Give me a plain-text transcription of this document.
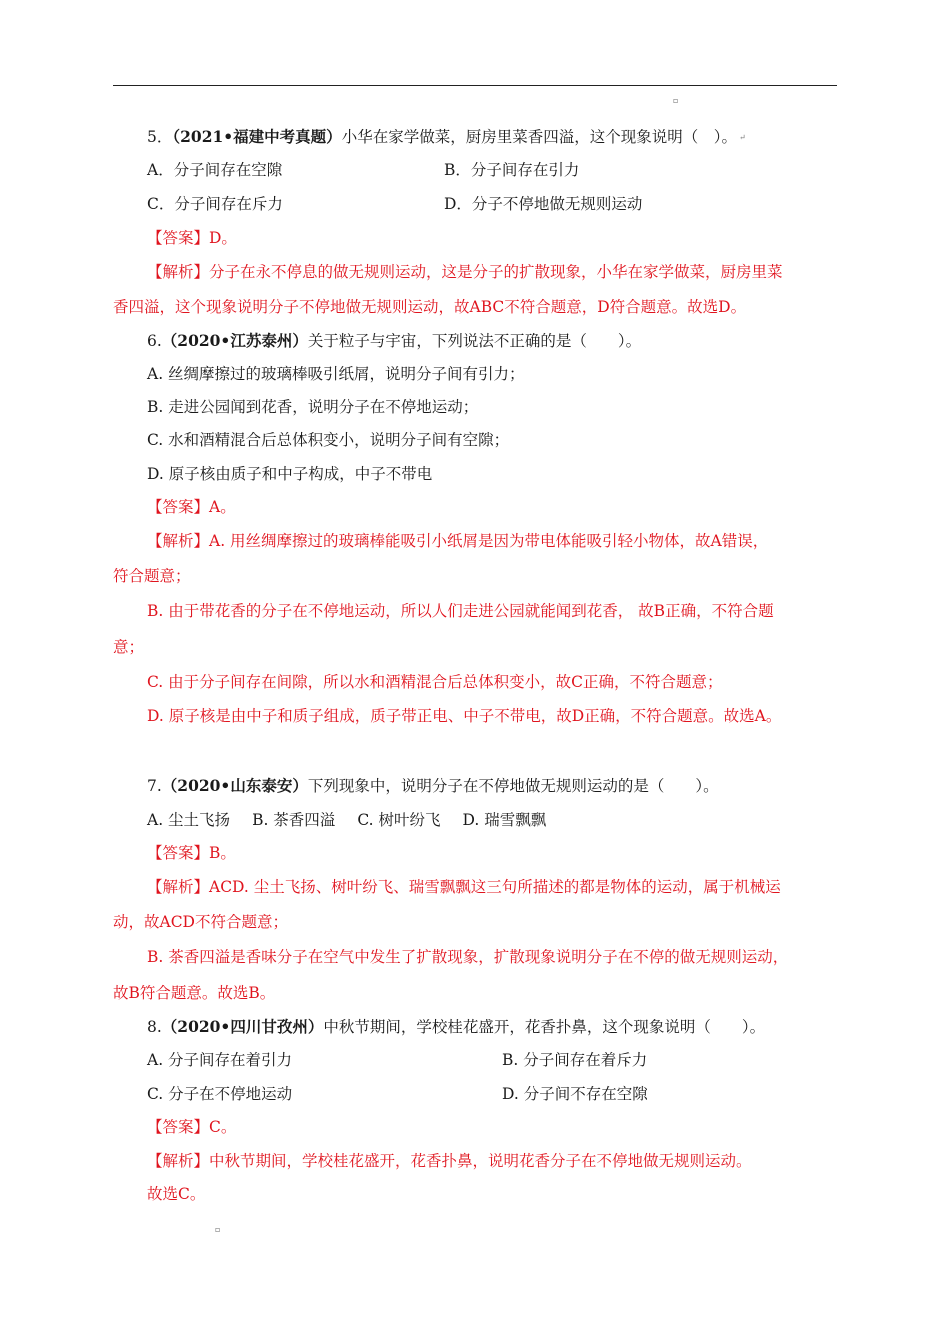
▫
5．（2021•福建中考真题）小华在家学做菜，厨房里菜香四溢，这个现象说明（　）。 ↵
A．分子间存在空隙	B．分子间存在引力
C．分子间存在斥力	D．分子不停地做无规则运动
【答案】D。
【解析】分子在永不停息的做无规则运动，这是分子的扩散现象，小华在家学做菜，厨房里菜
香四溢，这个现象说明分子不停地做无规则运动，故ABC不符合题意，D符合题意。故选D。
6.（2020•江苏泰州）关于粒子与宇宙，下列说法不正确的是（　　）。
A. 丝绸摩擦过的玻璃棒吸引纸屑，说明分子间有引力；
B. 走进公园闻到花香，说明分子在不停地运动；
C. 水和酒精混合后总体积变小，说明分子间有空隙；
D. 原子核由质子和中子构成，中子不带电
【答案】A。
【解析】A. 用丝绸摩擦过的玻璃棒能吸引小纸屑是因为带电体能吸引轻小物体，故A错误，
符合题意；
B. 由于带花香的分子在不停地运动，所以人们走进公园就能闻到花香， 故B正确，不符合题
意；
C. 由于分子间存在间隙，所以水和酒精混合后总体积变小，故C正确，不符合题意；
D. 原子核是由中子和质子组成，质子带正电、中子不带电，故D正确，不符合题意。故选A。
7.（2020•山东泰安）下列现象中，说明分子在不停地做无规则运动的是（　　）。
A. 尘土飞扬 B. 茶香四溢 C. 树叶纷飞 D. 瑞雪飘飘
【答案】B。
【解析】ACD. 尘土飞扬、树叶纷飞、瑞雪飘飘这三句所描述的都是物体的运动，属于机械运
动，故ACD不符合题意；
B. 茶香四溢是香味分子在空气中发生了扩散现象，扩散现象说明分子在不停的做无规则运动，
故B符合题意。故选B。
8.（2020•四川甘孜州）中秋节期间，学校桂花盛开，花香扑鼻，这个现象说明（　　）。
A. 分子间存在着引力	B. 分子间存在着斥力
C. 分子在不停地运动	D. 分子间不存在空隙
【答案】C。
【解析】中秋节期间，学校桂花盛开，花香扑鼻，说明花香分子在不停地做无规则运动。
故选C。
▫
